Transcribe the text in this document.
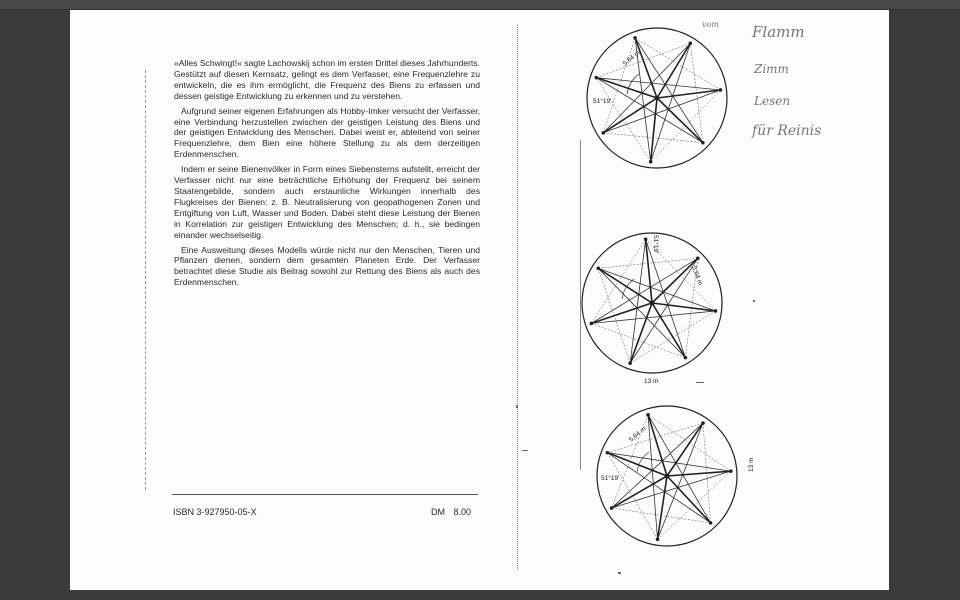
»Alles Schwingt!« sagte Lachowskij schon im ersten Drittel dieses Jahrhunderts. Gestützt auf diesen Kernsatz, gelingt es dem Verfasser, eine Frequenzlehre zu entwickeln, die es ihm ermöglicht, die Frequenz des Biens zu erfassen und dessen geistige Entwicklung zu erkennen und zu verstehen.

Aufgrund seiner eigenen Erfahrungen als Hobby-Imker versucht der Verfasser, eine Verbindung herzustellen zwischen der geistigen Leistung des Biens und der geistigen Entwicklung des Menschen. Dabei weist er, ableitend von seiner Frequenzlehre, dem Bien eine höhere Stellung zu als dem derzeitigen Erdenmenschen.

Indem er seine Bienenvölker in Form eines Siebensterns aufstellt, erreicht der Verfasser nicht nur eine beträchtliche Erhöhung der Frequenz bei seinem Staatengebilde, sondern auch erstaunliche Wirkungen innerhalb des Flugkreises der Bienen: z. B. Neutralisierung von geopathogenen Zonen und Entgiftung von Luft, Wasser und Boden. Dabei steht diese Leistung der Bienen in Korrelation zur geistigen Entwicklung des Menschen; d. h., sie bedingen einander wechselseitig.

Eine Ausweitung dieses Modells würde nicht nur den Menschen, Tieren und Pflanzen dienen, sondern dem gesamten Planeten Erde. Der Verfasser betrachtet diese Studie als Beitrag sowohl zur Rettung des Biens als auch des Erdenmenschen.

ISBN 3-927950-05-X	DM 8.00
5,64 m
51°19'
5,64 m
51°19'
13 m
5,64 m
51°19'
13 m
vom Flamm
Zimm
Lesen
für Reinis
